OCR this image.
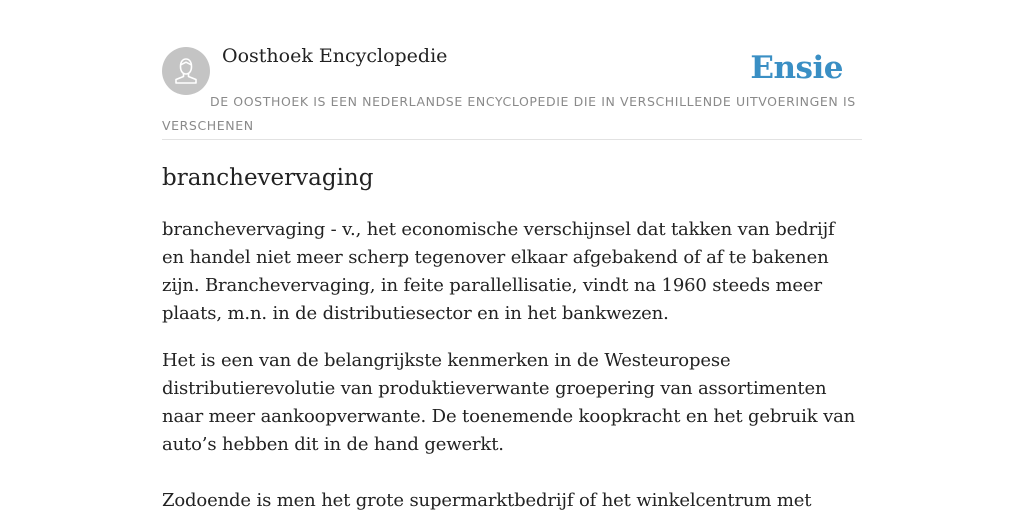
Oosthoek Encyclopedie	Ensie
DE OOSTHOEK IS EEN NEDERLANDSE ENCYCLOPEDIE DIE IN VERSCHILLENDE UITVOERINGEN IS VERSCHENEN
branchevervaging

branchevervaging - v., het economische verschijnsel dat takken van bedrijf en handel niet meer scherp tegenover elkaar afgebakend of af te bakenen zijn. Branchevervaging, in feite parallellisatie, vindt na 1960 steeds meer plaats, m.n. in de distributiesector en in het bankwezen.

Het is een van de belangrijkste kenmerken in de Westeuropese distributierevolutie van produktieverwante groepering van assortimenten naar meer aankoopverwante. De toenemende koopkracht en het gebruik van auto’s hebben dit in de hand gewerkt.

Zodoende is men het grote supermarktbedrijf of het winkelcentrum met
